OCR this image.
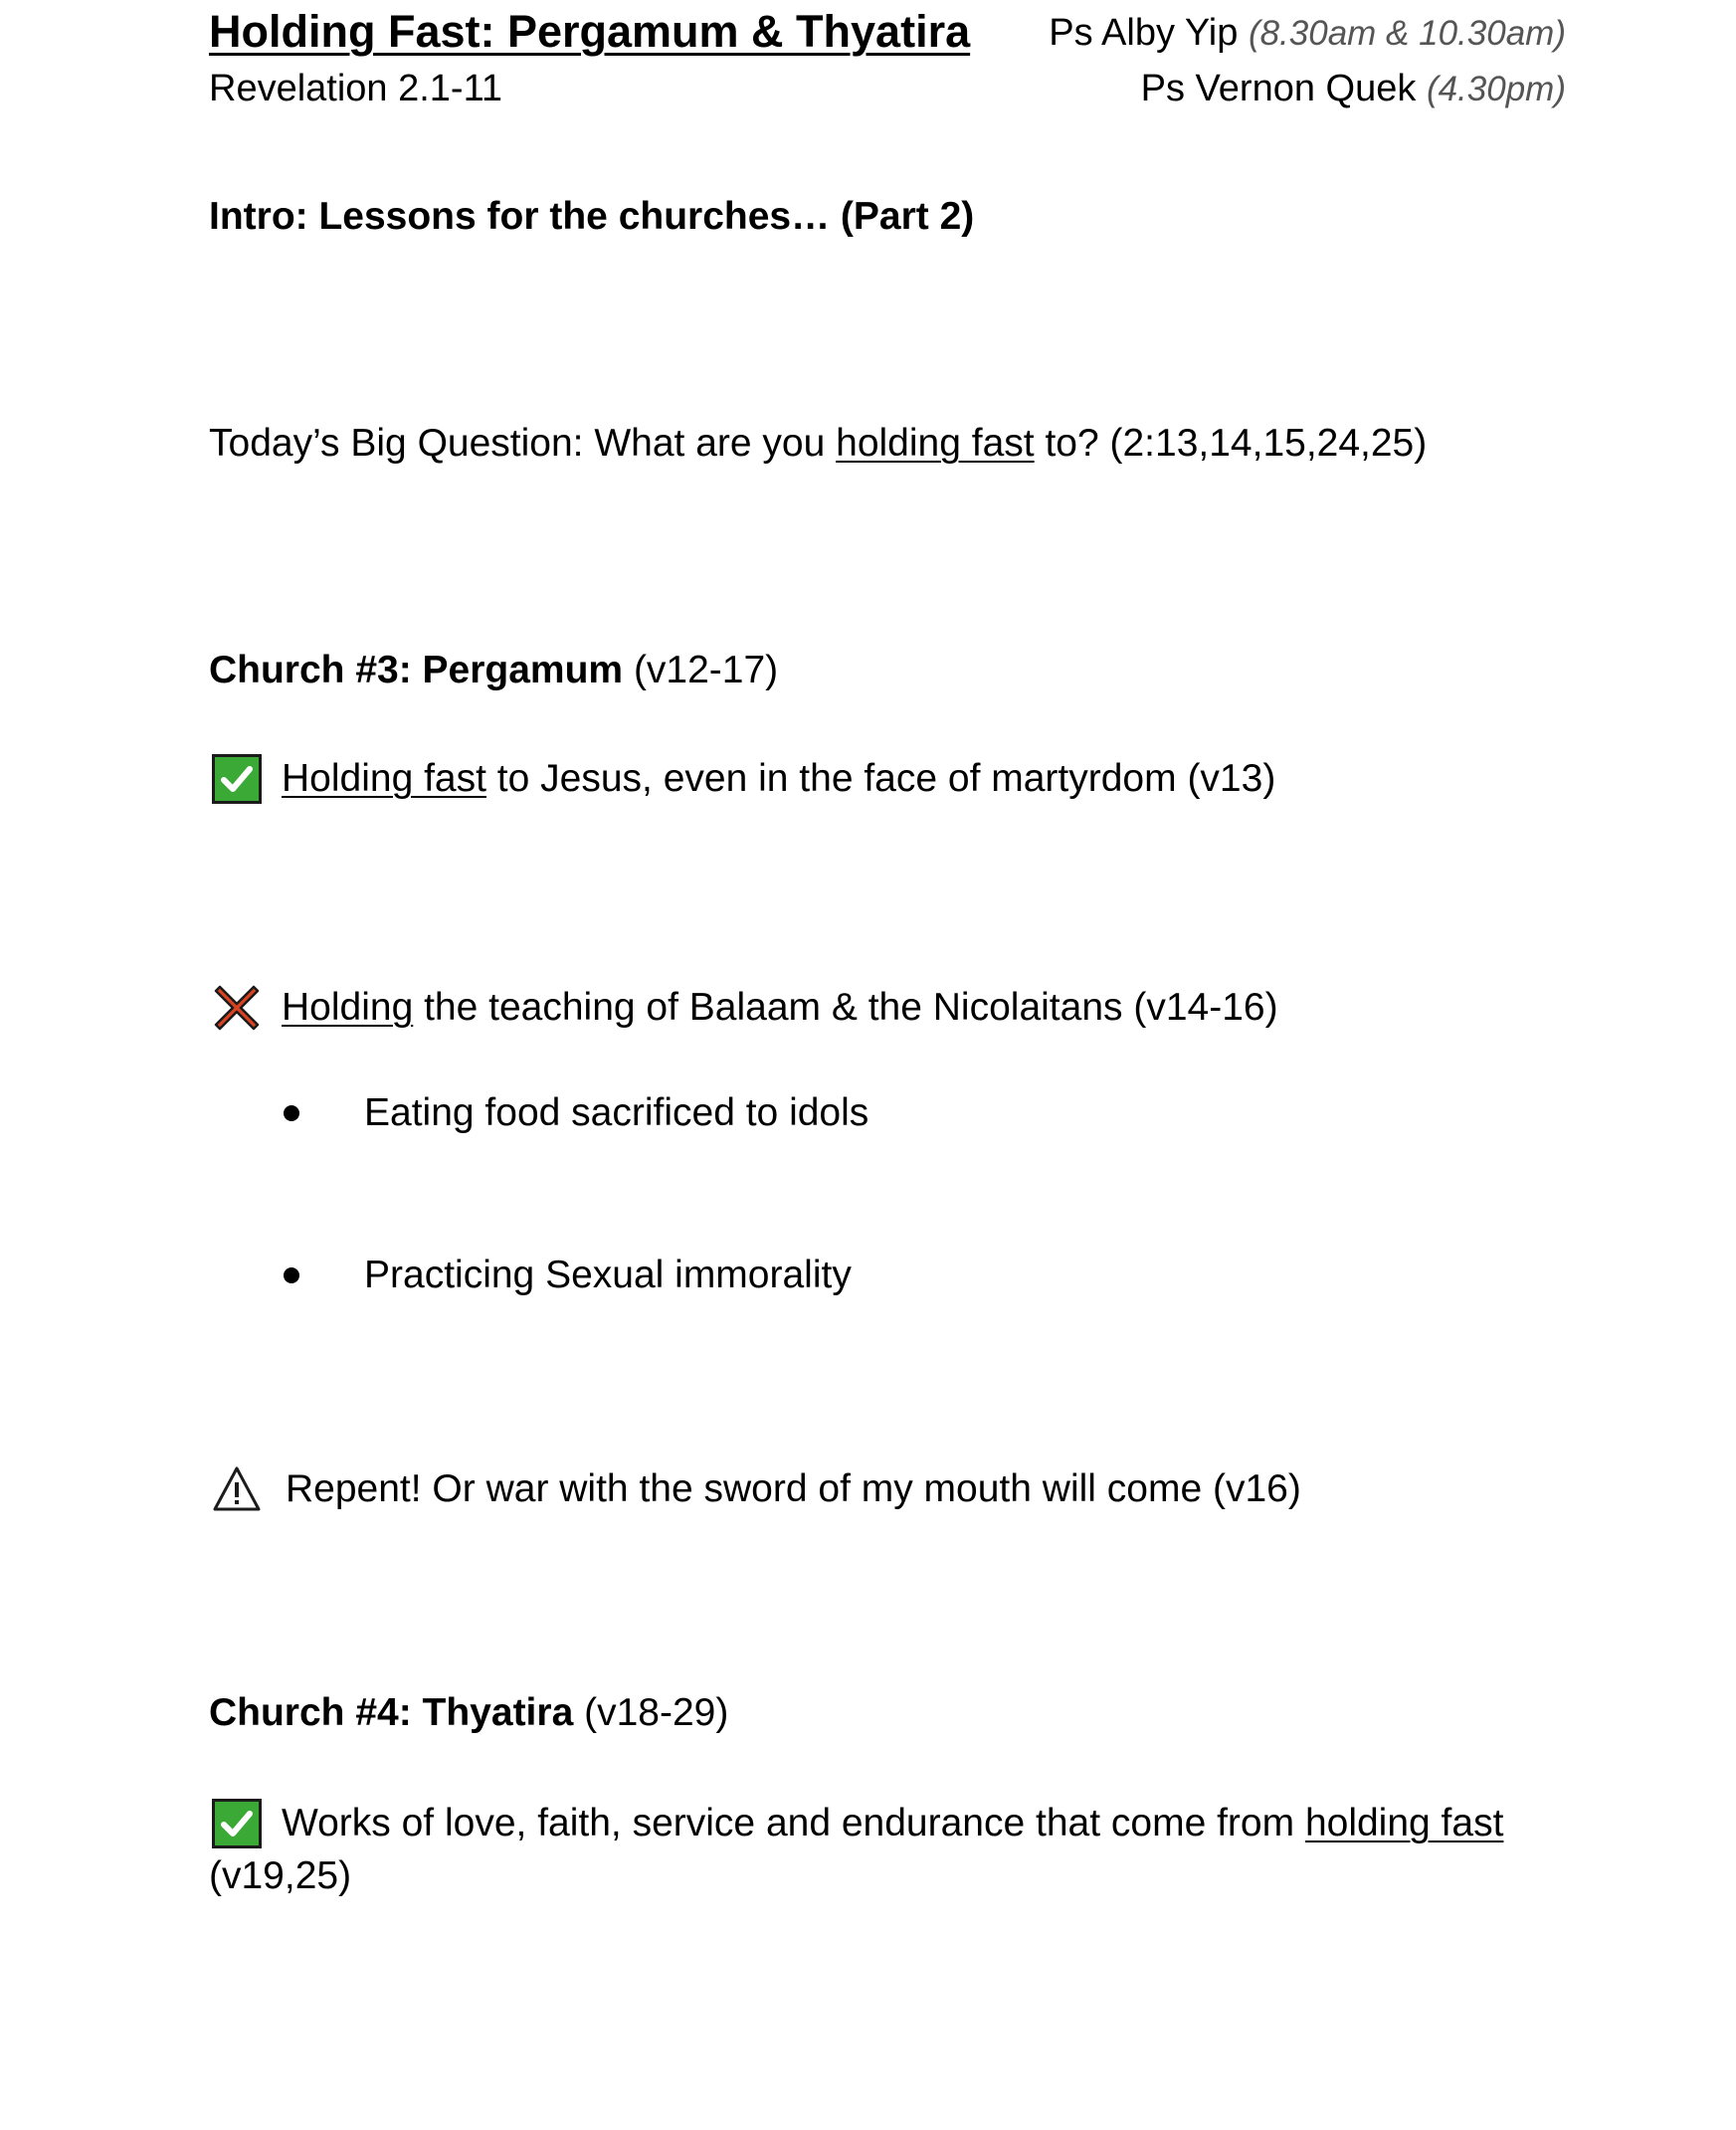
Holding Fast: Pergamum & Thyatira
Revelation 2.1-11
Ps Alby Yip (8.30am & 10.30am)
Ps Vernon Quek (4.30pm)
Intro: Lessons for the churches… (Part 2)
Today’s Big Question: What are you holding fast to? (2:13,14,15,24,25)
Church #3: Pergamum (v12-17)
Holding fast to Jesus, even in the face of martyrdom (v13)
Holding the teaching of Balaam & the Nicolaitans (v14-16)
Eating food sacrificed to idols
Practicing Sexual immorality
Repent! Or war with the sword of my mouth will come (v16)
Church #4: Thyatira (v18-29)
Works of love, faith, service and endurance that come from holding fast
(v19,25)
